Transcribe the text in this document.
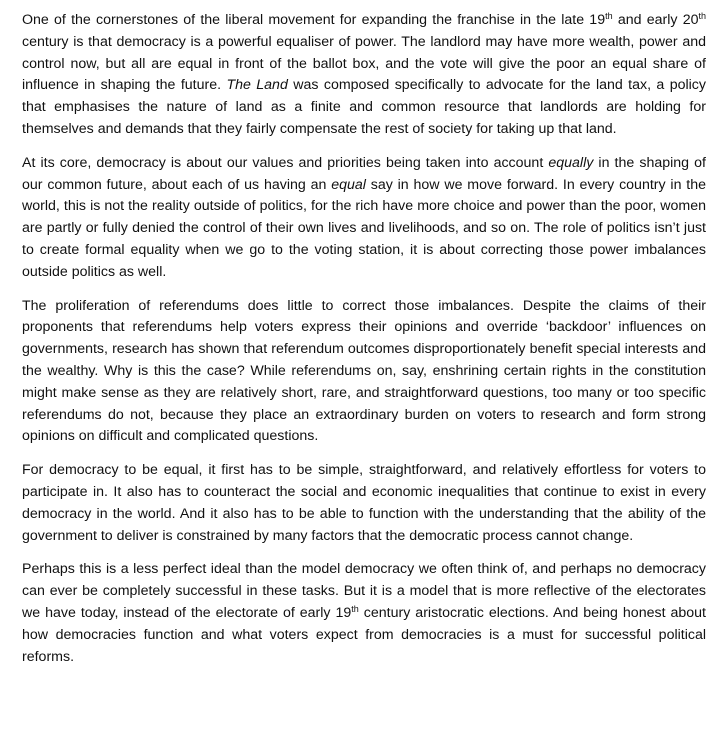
One of the cornerstones of the liberal movement for expanding the franchise in the late 19th and early 20th century is that democracy is a powerful equaliser of power. The landlord may have more wealth, power and control now, but all are equal in front of the ballot box, and the vote will give the poor an equal share of influence in shaping the future. The Land was composed specifically to advocate for the land tax, a policy that emphasises the nature of land as a finite and common resource that landlords are holding for themselves and demands that they fairly compensate the rest of society for taking up that land.

At its core, democracy is about our values and priorities being taken into account equally in the shaping of our common future, about each of us having an equal say in how we move forward. In every country in the world, this is not the reality outside of politics, for the rich have more choice and power than the poor, women are partly or fully denied the control of their own lives and livelihoods, and so on. The role of politics isn’t just to create formal equality when we go to the voting station, it is about correcting those power imbalances outside politics as well.

The proliferation of referendums does little to correct those imbalances. Despite the claims of their proponents that referendums help voters express their opinions and override ‘backdoor’ influences on governments, research has shown that referendum outcomes disproportionately benefit special interests and the wealthy. Why is this the case? While referendums on, say, enshrining certain rights in the constitution might make sense as they are relatively short, rare, and straightforward questions, too many or too specific referendums do not, because they place an extraordinary burden on voters to research and form strong opinions on difficult and complicated questions.

For democracy to be equal, it first has to be simple, straightforward, and relatively effortless for voters to participate in. It also has to counteract the social and economic inequalities that continue to exist in every democracy in the world. And it also has to be able to function with the understanding that the ability of the government to deliver is constrained by many factors that the democratic process cannot change.

Perhaps this is a less perfect ideal than the model democracy we often think of, and perhaps no democracy can ever be completely successful in these tasks. But it is a model that is more reflective of the electorates we have today, instead of the electorate of early 19th century aristocratic elections. And being honest about how democracies function and what voters expect from democracies is a must for successful political reforms.
